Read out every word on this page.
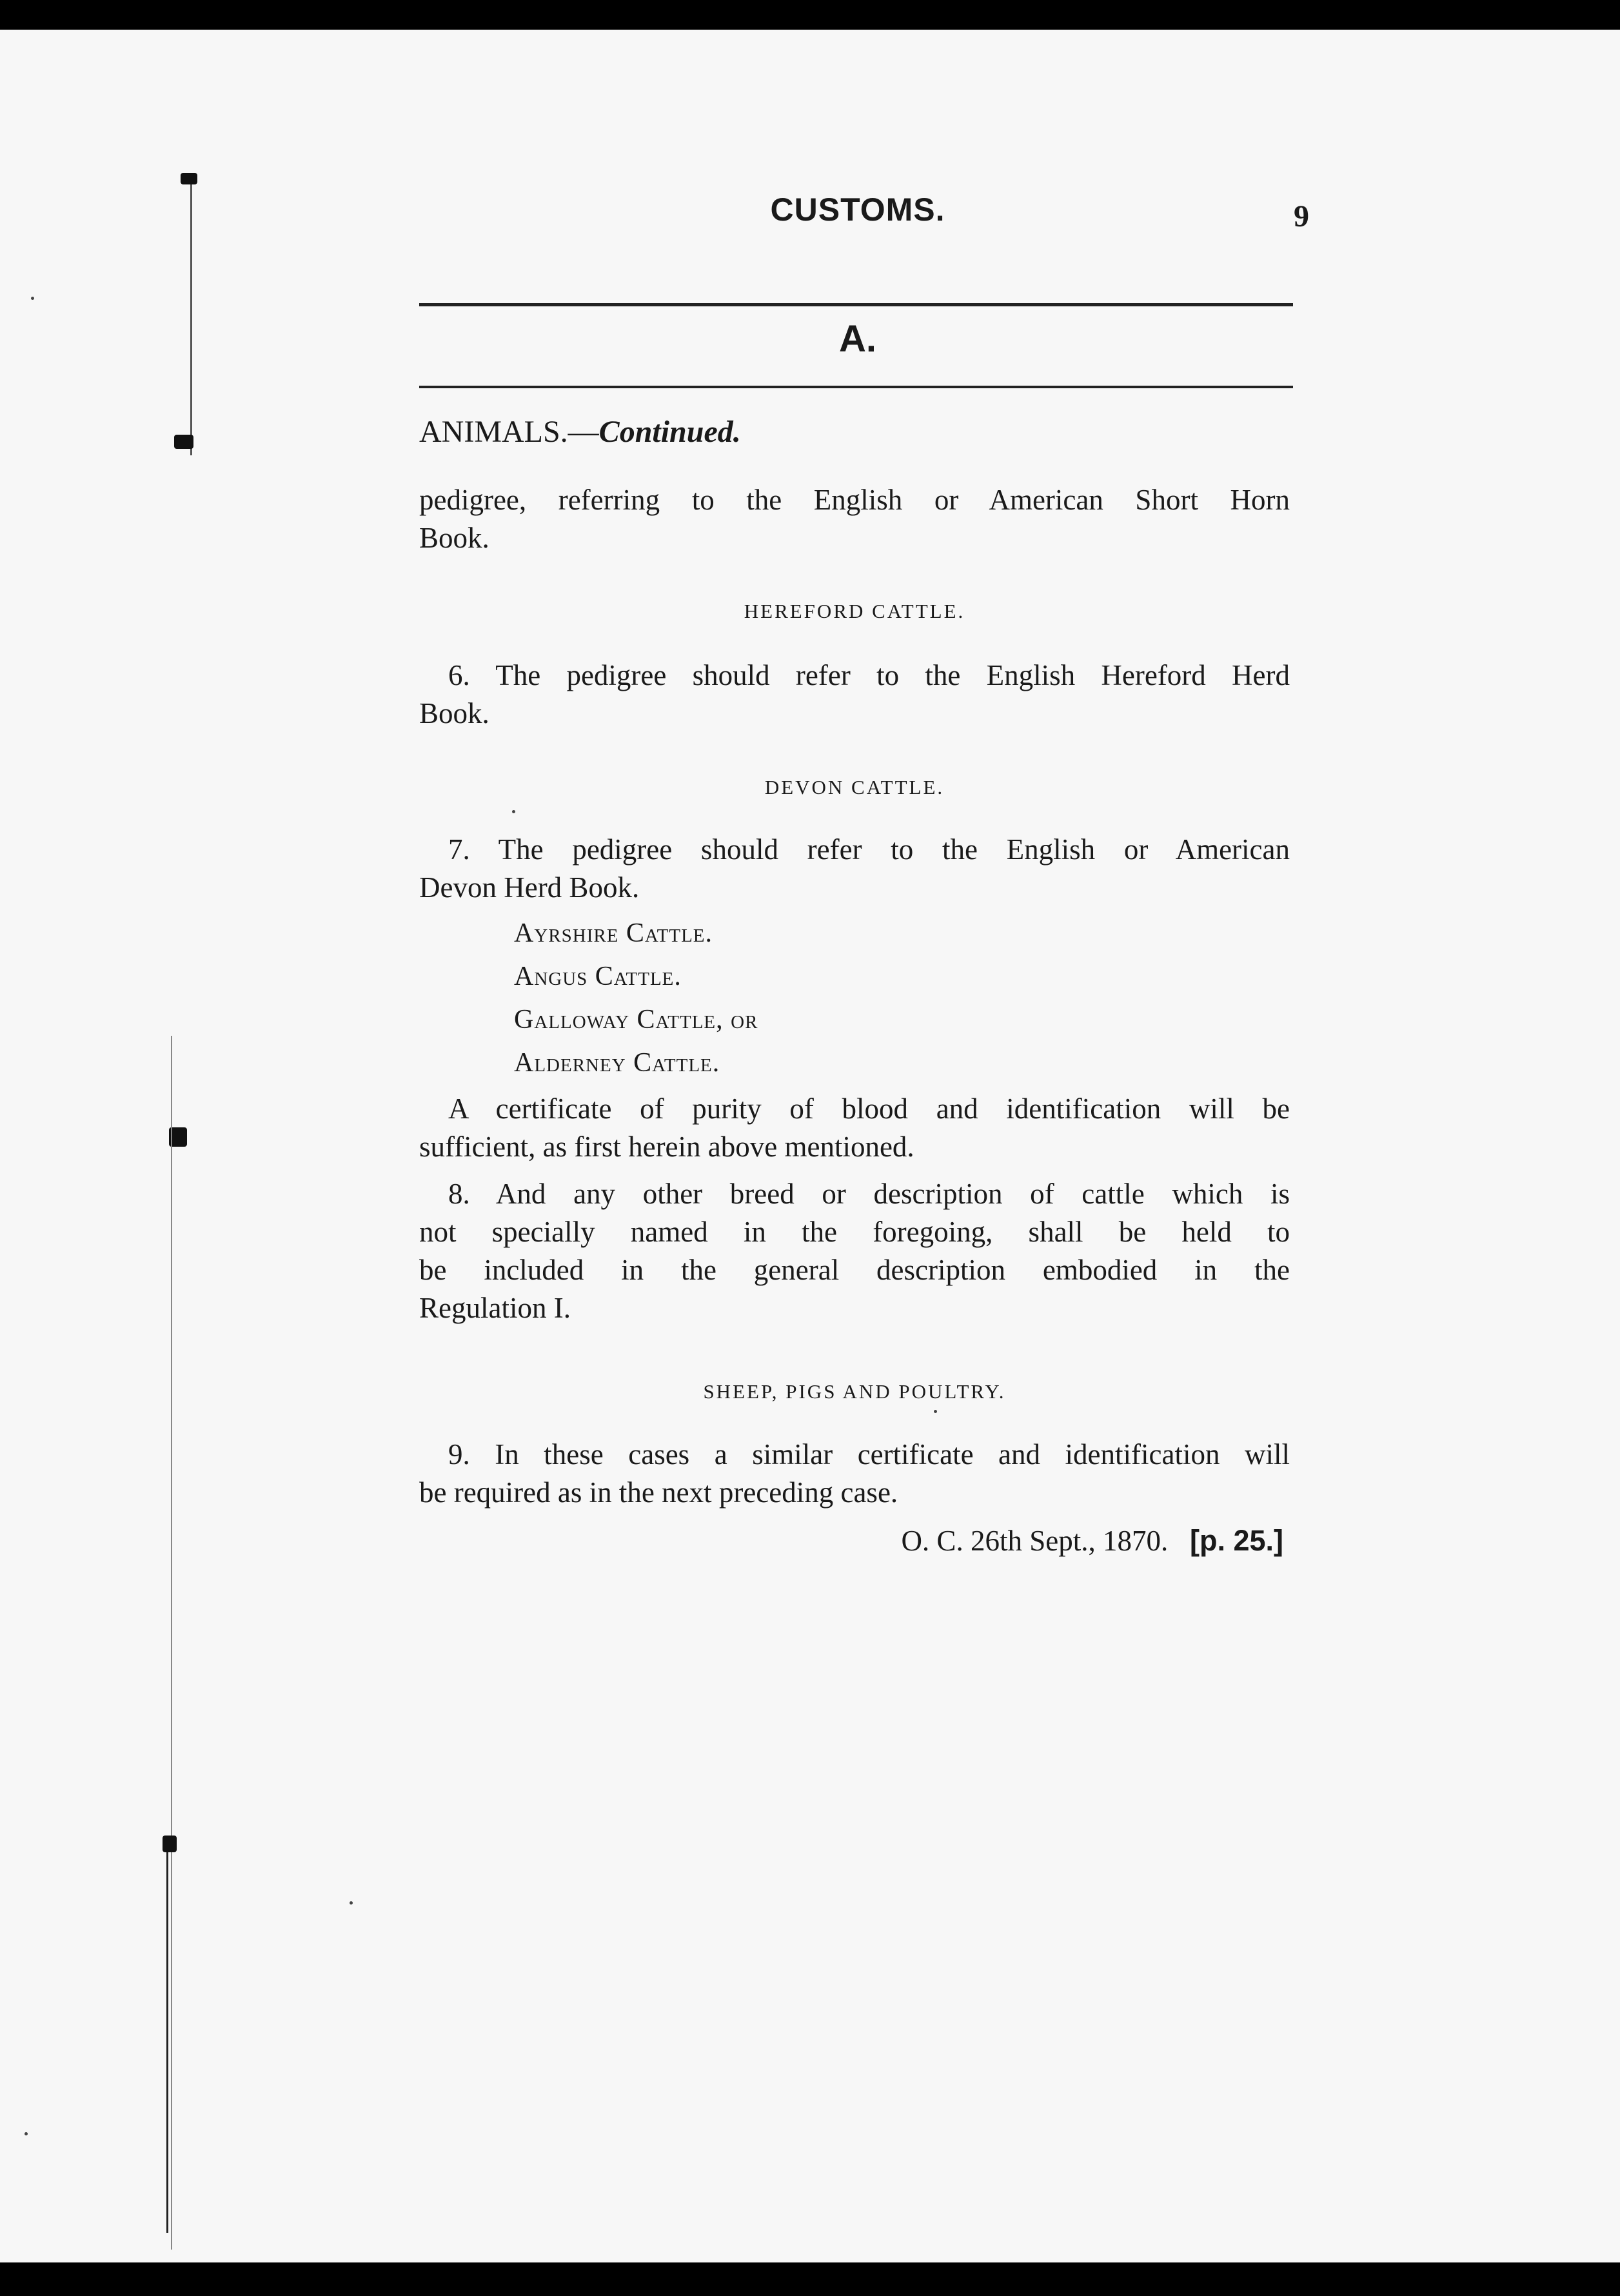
CUSTOMS.	9
A.
ANIMALS.—Continued.
pedigree, referring to the English or American Short Horn
Book.
HEREFORD CATTLE.
6. The pedigree should refer to the English Hereford Herd
Book.
DEVON CATTLE.
7. The pedigree should refer to the English or American
Devon Herd Book.
Ayrshire Cattle.
Angus Cattle.
Galloway Cattle, or
Alderney Cattle.
A certificate of purity of blood and identification will be
sufficient, as first herein above mentioned.
8. And any other breed or description of cattle which is
not specially named in the foregoing, shall be held to
be included in the general description embodied in the
Regulation I.
SHEEP, PIGS AND POULTRY.
9. In these cases a similar certificate and identification will
be required as in the next preceding case.
O. C. 26th Sept., 1870. [p. 25.]
